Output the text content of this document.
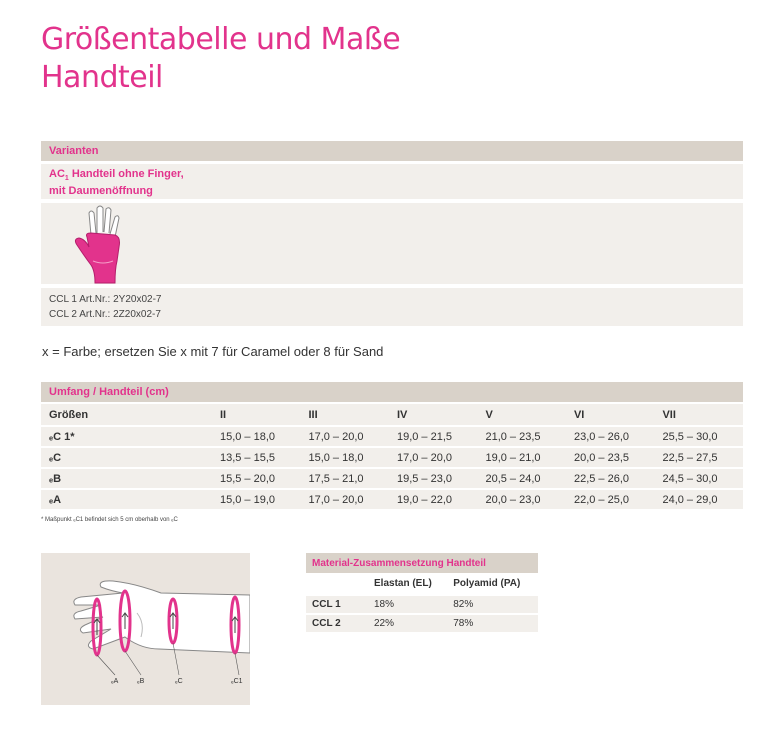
Größentabelle und Maße
Handteil
Varianten
$AC_1$ Handteil ohne Finger,
mit Daumenöffnung
CCL 1 Art.Nr.: 2Y20x02-7
CCL 2 Art.Nr.: 2Z20x02-7
x = Farbe; ersetzen Sie x mit 7 für Caramel oder 8 für Sand
Umfang / Handteil (cm)
Größen	II	III	IV	V	VI	VII
ₑC 1*	15,0 – 18,0	17,0 – 20,0	19,0 – 21,5	21,0 – 23,5	23,0 – 26,0	25,5 – 30,0
ₑC	13,5 – 15,5	15,0 – 18,0	17,0 – 20,0	19,0 – 21,0	20,0 – 23,5	22,5 – 27,5
ₑB	15,5 – 20,0	17,5 – 21,0	19,5 – 23,0	20,5 – 24,0	22,5 – 26,0	24,5 – 30,0
ₑA	15,0 – 19,0	17,0 – 20,0	19,0 – 22,0	20,0 – 23,0	22,0 – 25,0	24,0 – 29,0
* Maßpunkt ₑC1 befindet sich 5 cm oberhalb von ₑC
ₑA	ₑB	ₑC	ₑC1
Material-Zusammensetzung Handteil		
	Elastan (EL)	Polyamid (PA)
CCL 1	18%	82%
CCL 2	22%	78%
